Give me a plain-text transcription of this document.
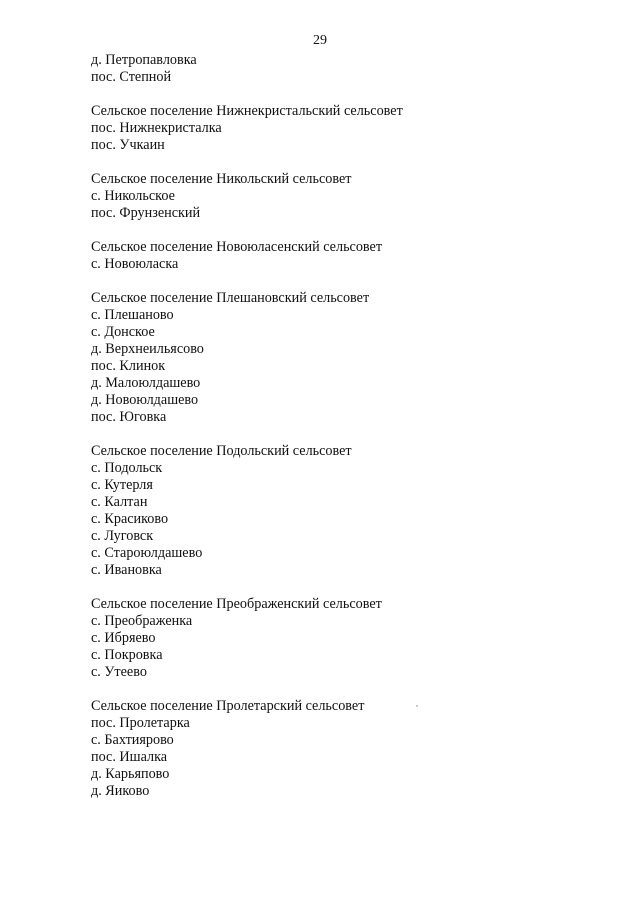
29
д. Петропавловка
пос. Степной
Сельское поселение Нижнекристальский сельсовет
пос. Нижнекристалка
пос. Учкаин
Сельское поселение Никольский сельсовет
с. Никольское
пос. Фрунзенский
Сельское поселение Новоюласенский сельсовет
с. Новоюласка
Сельское поселение Плешановский сельсовет
с. Плешаново
с. Донское
д. Верхнеильясово
пос. Клинок
д. Малоюлдашево
д. Новоюлдашево
пос. Юговка
Сельское поселение Подольский сельсовет
с. Подольск
с. Кутерля
с. Калтан
с. Красиково
с. Луговск
с. Староюлдашево
с. Ивановка
Сельское поселение Преображенский сельсовет
с. Преображенка
с. Ибряево
с. Покровка
с. Утеево
Сельское поселение Пролетарский сельсовет
пос. Пролетарка
с. Бахтиярово
пос. Ишалка
д. Карьяпово
д. Яиково
